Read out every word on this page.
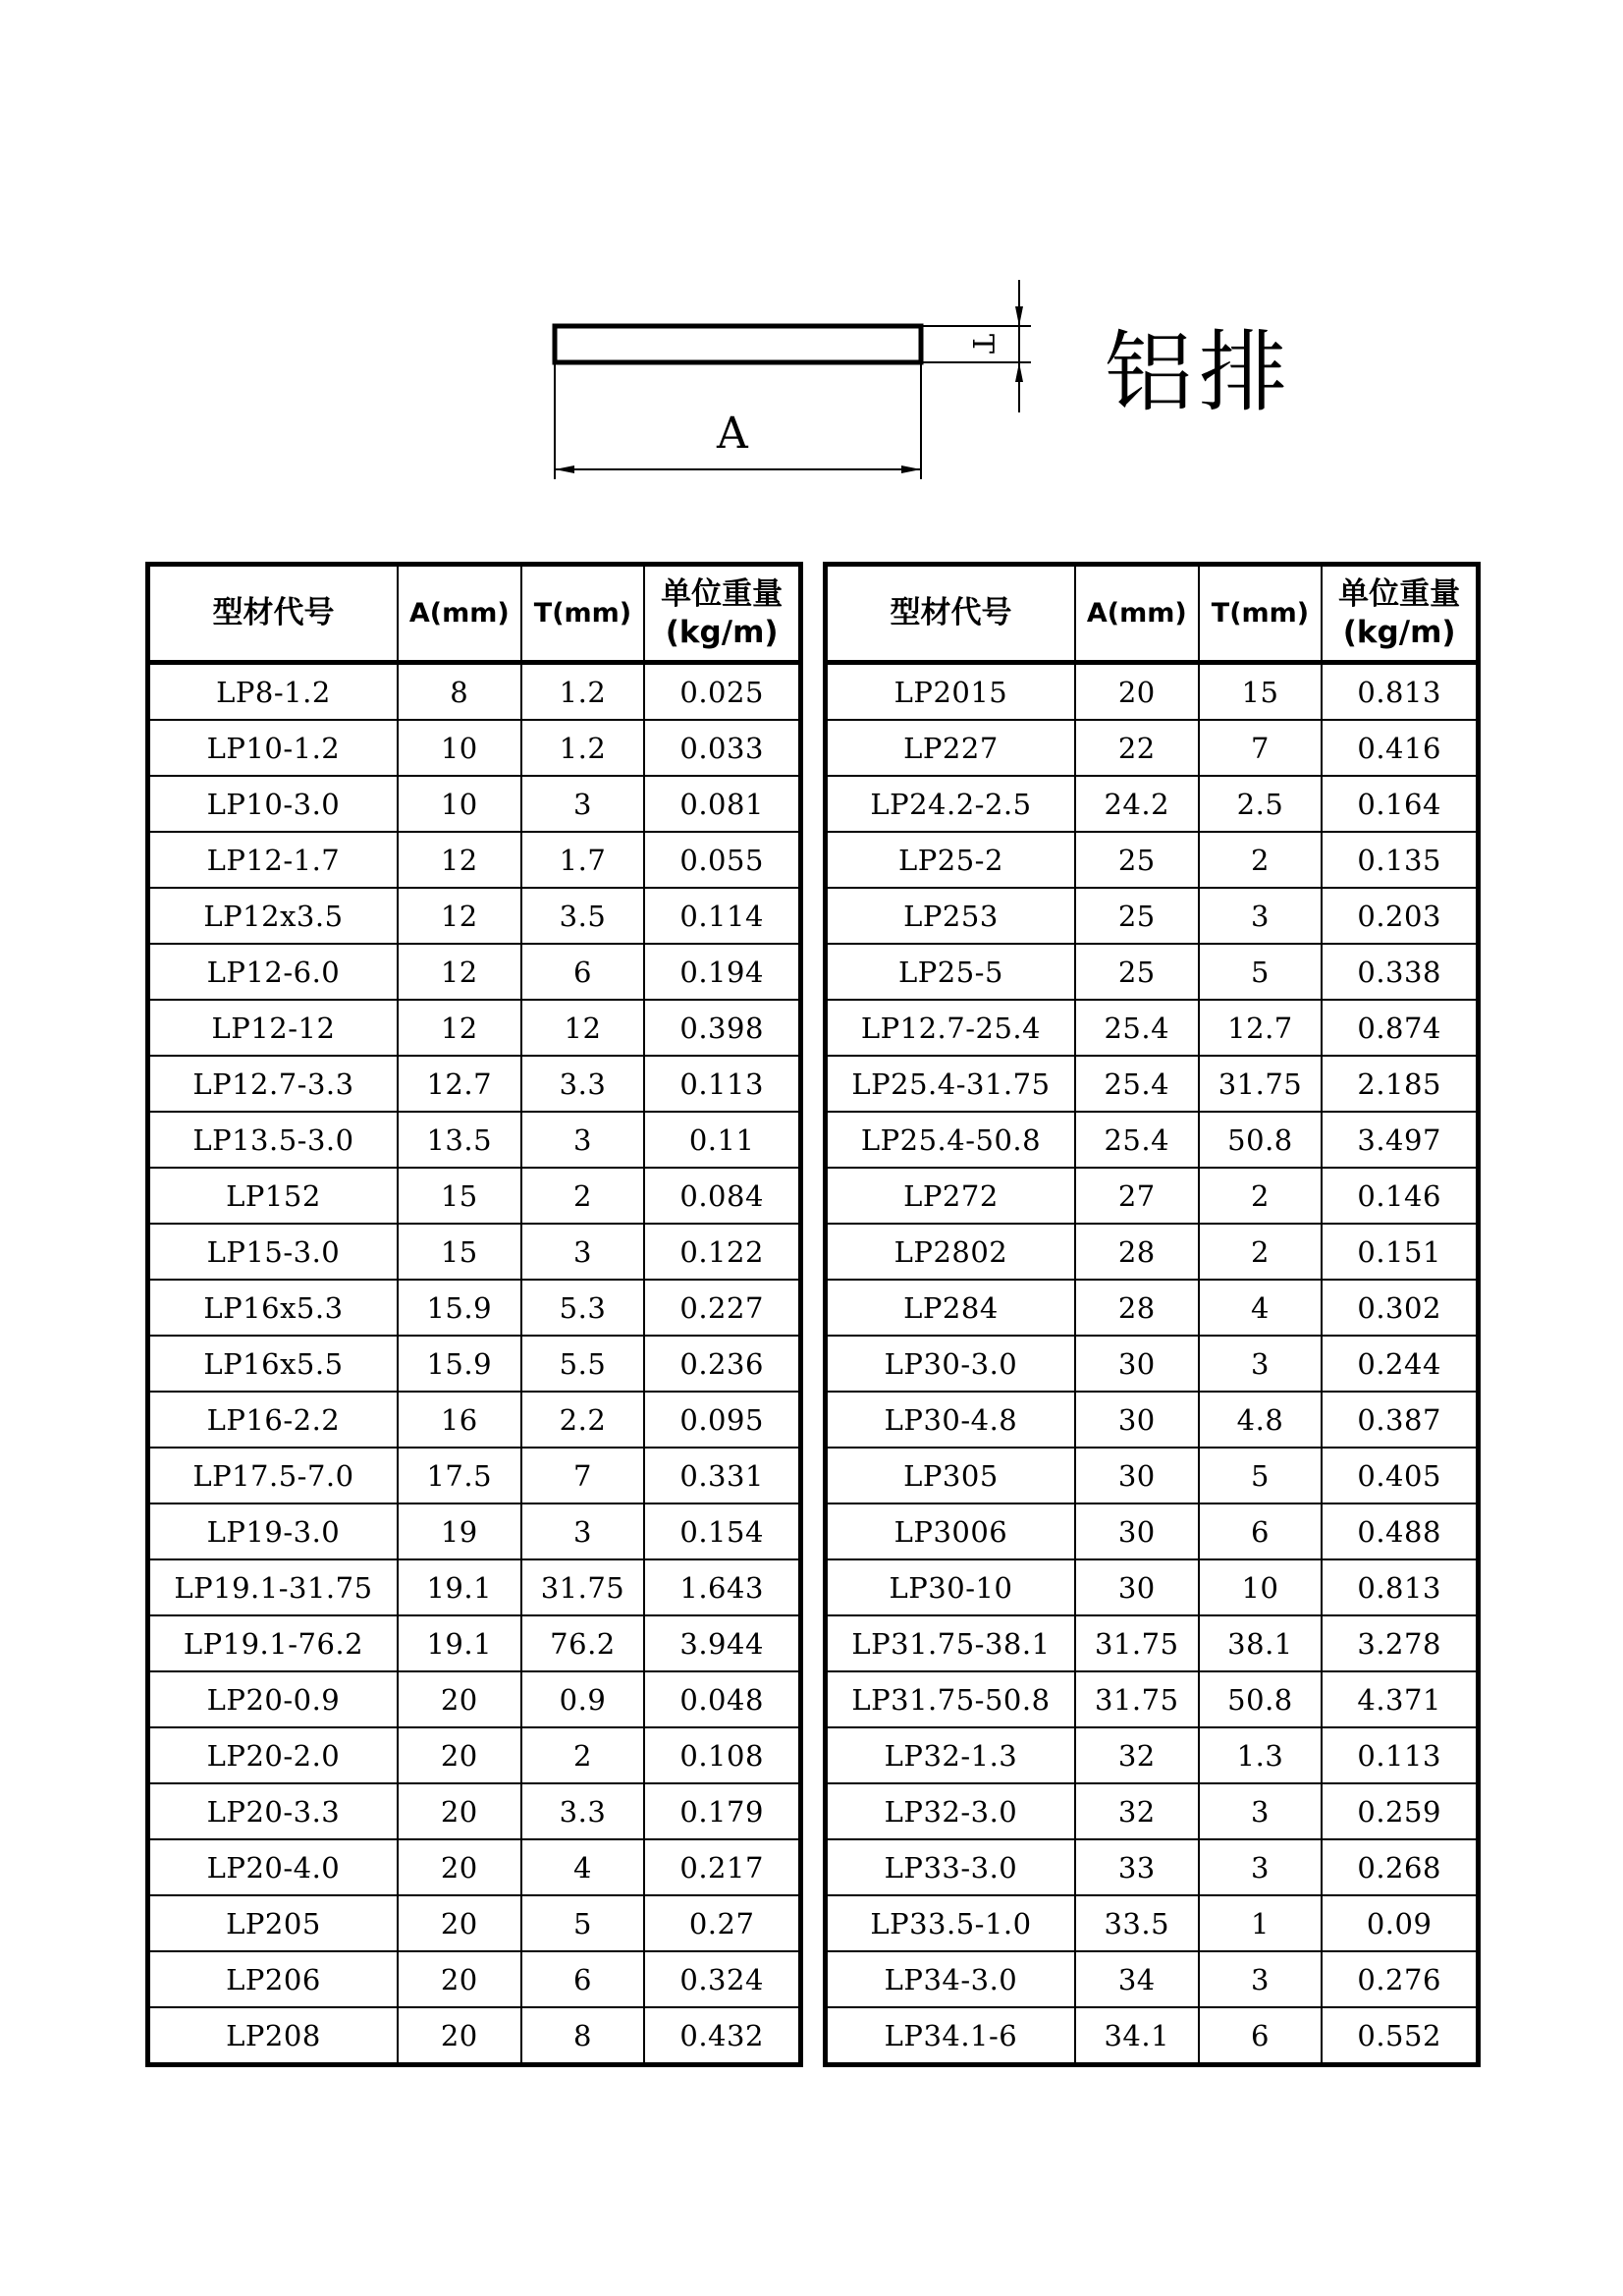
A
T 铝排
型材代号	A(mm)	T(mm)	单位重量
(kg/m)

LP8-1.2	8	1.2	0.025
LP10-1.2	10	1.2	0.033
LP10-3.0	10	3	0.081
LP12-1.7	12	1.7	0.055
LP12x3.5	12	3.5	0.114
LP12-6.0	12	6	0.194
LP12-12	12	12	0.398
LP12.7-3.3	12.7	3.3	0.113
LP13.5-3.0	13.5	3	0.11
LP152	15	2	0.084
LP15-3.0	15	3	0.122
LP16x5.3	15.9	5.3	0.227
LP16x5.5	15.9	5.5	0.236
LP16-2.2	16	2.2	0.095
LP17.5-7.0	17.5	7	0.331
LP19-3.0	19	3	0.154
LP19.1-31.75	19.1	31.75	1.643
LP19.1-76.2	19.1	76.2	3.944
LP20-0.9	20	0.9	0.048
LP20-2.0	20	2	0.108
LP20-3.3	20	3.3	0.179
LP20-4.0	20	4	0.217
LP205	20	5	0.27
LP206	20	6	0.324
LP208	20	8	0.432
型材代号	A(mm)	T(mm)	单位重量
(kg/m)

LP2015	20	15	0.813
LP227	22	7	0.416
LP24.2-2.5	24.2	2.5	0.164
LP25-2	25	2	0.135
LP253	25	3	0.203
LP25-5	25	5	0.338
LP12.7-25.4	25.4	12.7	0.874
LP25.4-31.75	25.4	31.75	2.185
LP25.4-50.8	25.4	50.8	3.497
LP272	27	2	0.146
LP2802	28	2	0.151
LP284	28	4	0.302
LP30-3.0	30	3	0.244
LP30-4.8	30	4.8	0.387
LP305	30	5	0.405
LP3006	30	6	0.488
LP30-10	30	10	0.813
LP31.75-38.1	31.75	38.1	3.278
LP31.75-50.8	31.75	50.8	4.371
LP32-1.3	32	1.3	0.113
LP32-3.0	32	3	0.259
LP33-3.0	33	3	0.268
LP33.5-1.0	33.5	1	0.09
LP34-3.0	34	3	0.276
LP34.1-6	34.1	6	0.552
